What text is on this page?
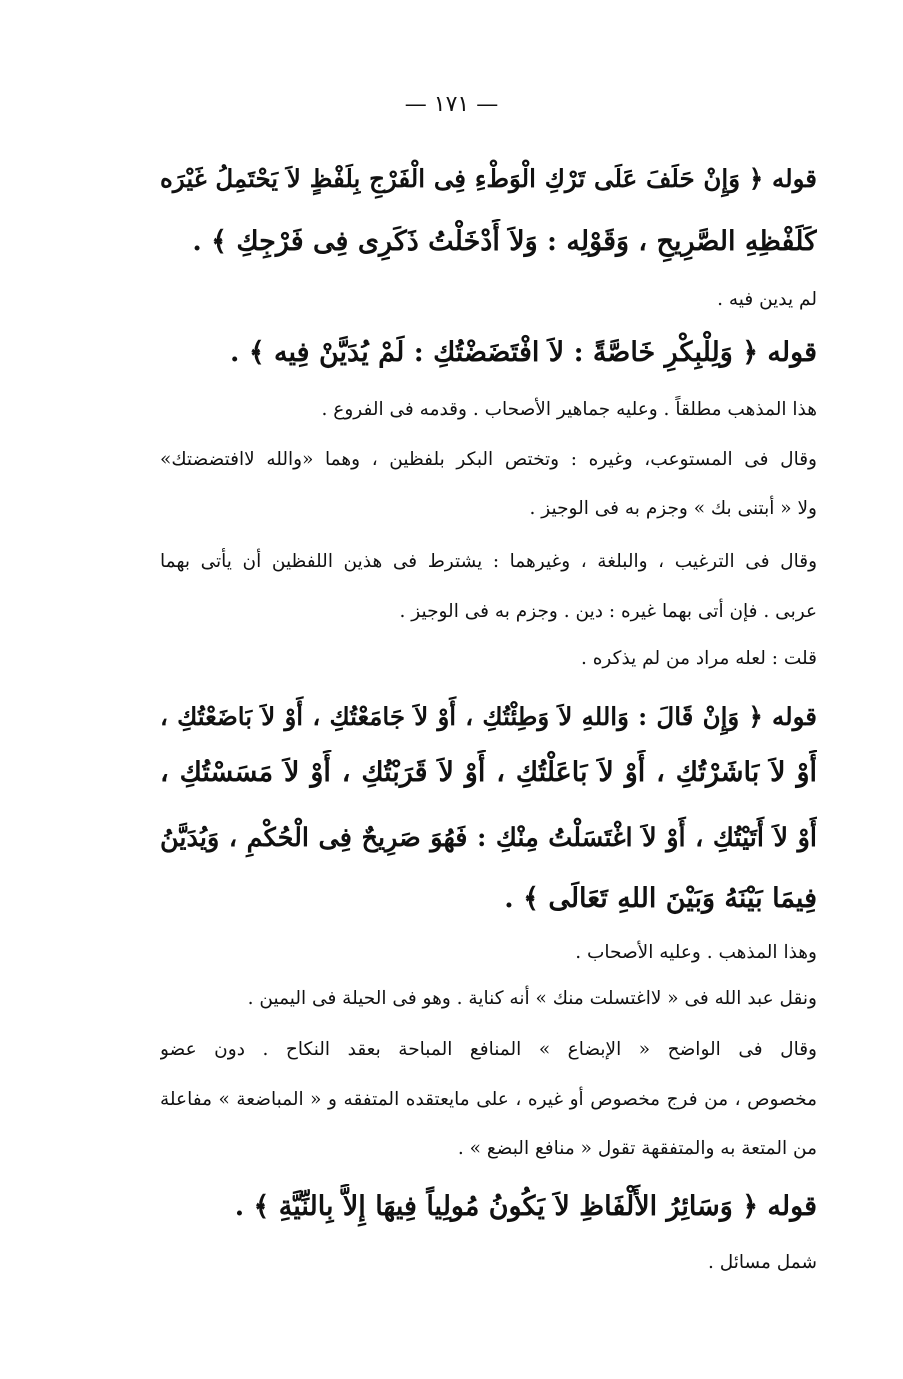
— ١٧١ —
قوله ﴿ وَإِنْ حَلَفَ عَلَى تَرْكِ الْوَطْءِ فِى الْفَرْجِ بِلَفْظٍ لاَ يَحْتَمِلُ غَيْرَه
كَلَفْظِهِ الصَّرِيحِ ، وَقَوْلِه : وَلاَ أَدْخَلْتُ ذَكَرِى فِى فَرْجِكِ ﴾ .
لم يدين فيه .
قوله ﴿ وَلِلْبِكْرِ خَاصَّةً : لاَ افْتَضَضْتُكِ : لَمْ يُدَيَّنْ فِيه ﴾ .
هذا المذهب مطلقاً . وعليه جماهير الأصحاب . وقدمه فى الفروع .
وقال فى المستوعب، وغيره : وتختص البكر بلفظين ، وهما «والله لاافتضضتك»
ولا « أبتنى بك » وجزم به فى الوجيز .
وقال فى الترغيب ، والبلغة ، وغيرهما : يشترط فى هذين اللفظين أن يأتى بهما
عربى . فإن أتى بهما غيره : دين . وجزم به فى الوجيز .
قلت : لعله مراد من لم يذكره .
قوله ﴿ وَإِنْ قَالَ : وَاللهِ لاَ وَطِئْتُكِ ، أَوْ لاَ جَامَعْتُكِ ، أَوْ لاَ بَاضَعْتُكِ ،
أَوْ لاَ بَاشَرْتُكِ ، أَوْ لاَ بَاعَلْتُكِ ، أَوْ لاَ قَرَبْتُكِ ، أَوْ لاَ مَسَسْتُكِ ،
أَوْ لاَ أَتَيْتُكِ ، أَوْ لاَ اغْتَسَلْتُ مِنْكِ : فَهُوَ صَرِيحٌ فِى الْحُكْمِ ، وَيُدَيَّنُ
فِيمَا بَيْنَهُ وَبَيْنَ اللهِ تَعَالَى ﴾ .
وهذا المذهب . وعليه الأصحاب .
ونقل عبد الله فى « لااغتسلت منك » أنه كناية . وهو فى الحيلة فى اليمين .
وقال فى الواضح « الإبضاع » المنافع المباحة بعقد النكاح . دون عضو
مخصوص ، من فرج مخصوص أو غيره ، على مايعتقده المتفقه و « المباضعة » مفاعلة
من المتعة به والمتفقهة تقول « منافع البضع » .
قوله ﴿ وَسَائِرُ الأَلْفَاظِ لاَ يَكُونُ مُولِياً فِيهَا إِلاَّ بِالنِّيَّةِ ﴾ .
شمل مسائل .
